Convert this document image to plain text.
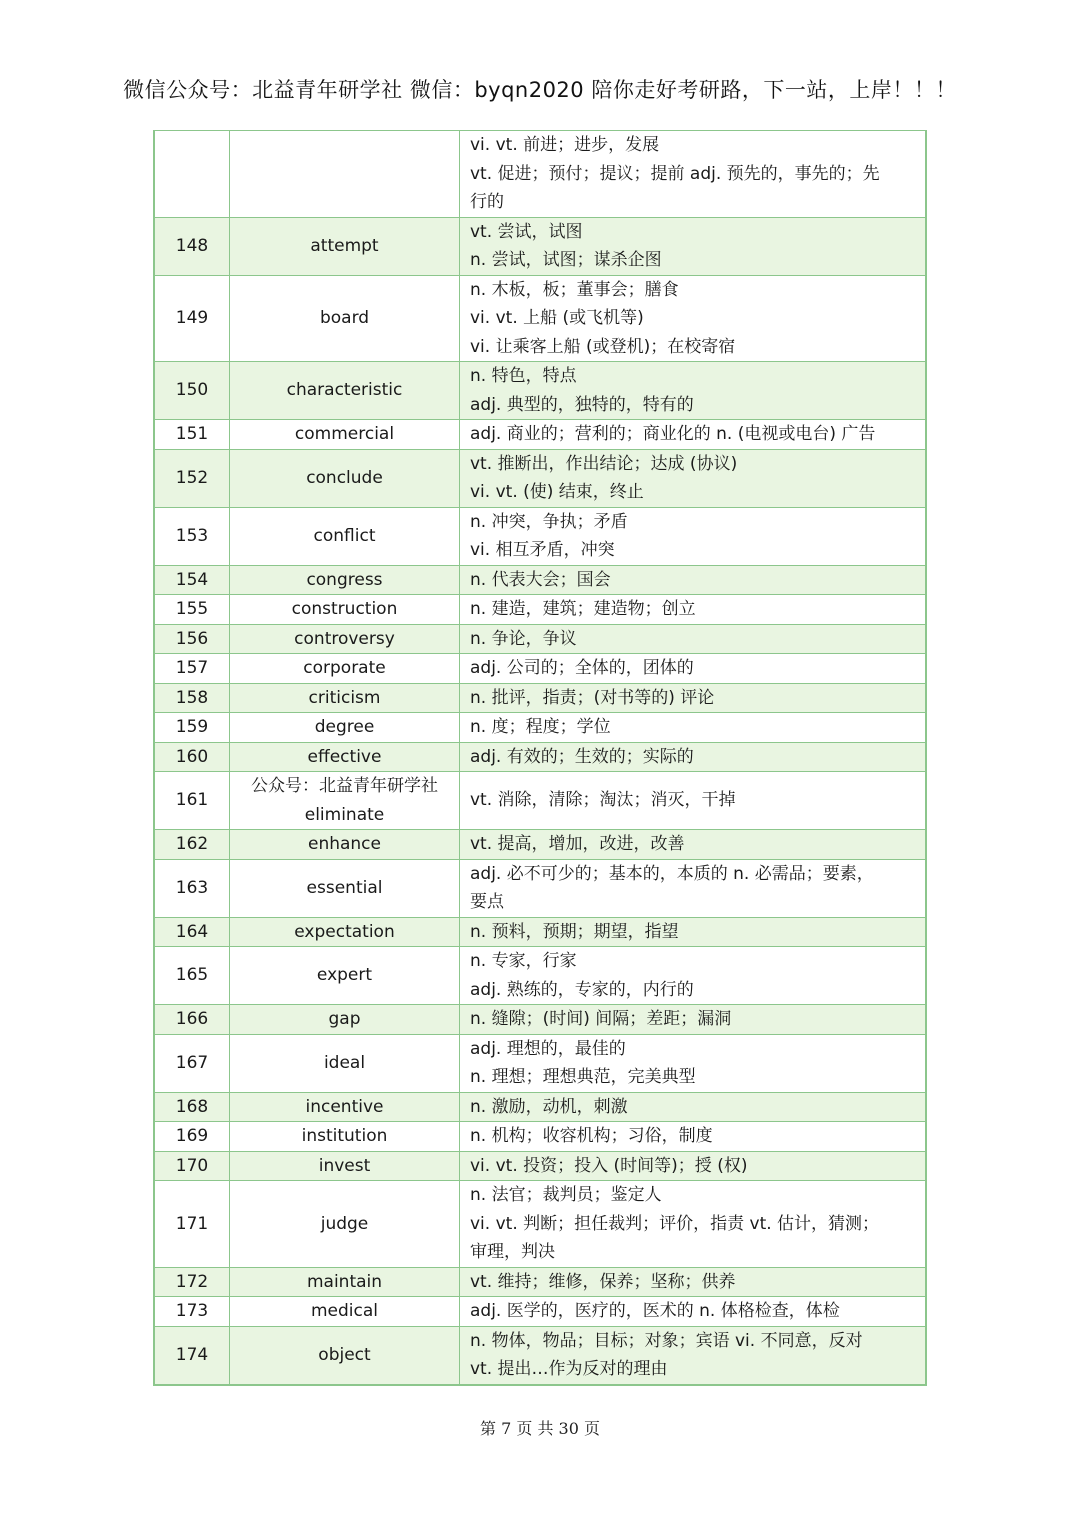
微信公众号：北益青年研学社 微信：byqn2020 陪你走好考研路，下一站，上岸！！！

		vi. vt. 前进；进步，发展
vt. 促进；预付；提议；提前 adj. 预先的，事先的；先
行的

148	attempt	vt. 尝试，试图
n. 尝试，试图；谋杀企图

149	board	n. 木板，板；董事会；膳食
vi. vt. 上船 (或飞机等)
vi. 让乘客上船 (或登机)；在校寄宿

150	characteristic	n. 特色，特点
adj. 典型的，独特的，特有的

151	commercial	adj. 商业的；营利的；商业化的 n. (电视或电台) 广告

152	conclude	vt. 推断出，作出结论；达成 (协议)
vi. vt. (使) 结束，终止

153	conflict	n. 冲突，争执；矛盾
vi. 相互矛盾，冲突

154	congress	n. 代表大会；国会

155	construction	n. 建造，建筑；建造物；创立

156	controversy	n. 争论，争议

157	corporate	adj. 公司的；全体的，团体的

158	criticism	n. 批评，指责；(对书等的) 评论

159	degree	n. 度；程度；学位

160	effective	adj. 有效的；生效的；实际的

161	公众号：北益青年研学社
eliminate	vt. 消除，清除；淘汰；消灭，干掉

162	enhance	vt. 提高，增加，改进，改善

163	essential	adj. 必不可少的；基本的，本质的 n. 必需品；要素，
要点

164	expectation	n. 预料，预期；期望，指望

165	expert	n. 专家，行家
adj. 熟练的，专家的，内行的

166	gap	n. 缝隙；(时间) 间隔；差距；漏洞

167	ideal	adj. 理想的，最佳的
n. 理想；理想典范，完美典型

168	incentive	n. 激励，动机，刺激

169	institution	n. 机构；收容机构；习俗，制度

170	invest	vi. vt. 投资；投入 (时间等)；授 (权)

171	judge	n. 法官；裁判员；鉴定人
vi. vt. 判断；担任裁判；评价，指责 vt. 估计，猜测；
审理，判决

172	maintain	vt. 维持；维修，保养；坚称；供养

173	medical	adj. 医学的，医疗的，医术的 n. 体格检查，体检

174	object	n. 物体，物品；目标；对象；宾语 vi. 不同意，反对
vt. 提出…作为反对的理由
第 7 页 共 30 页
